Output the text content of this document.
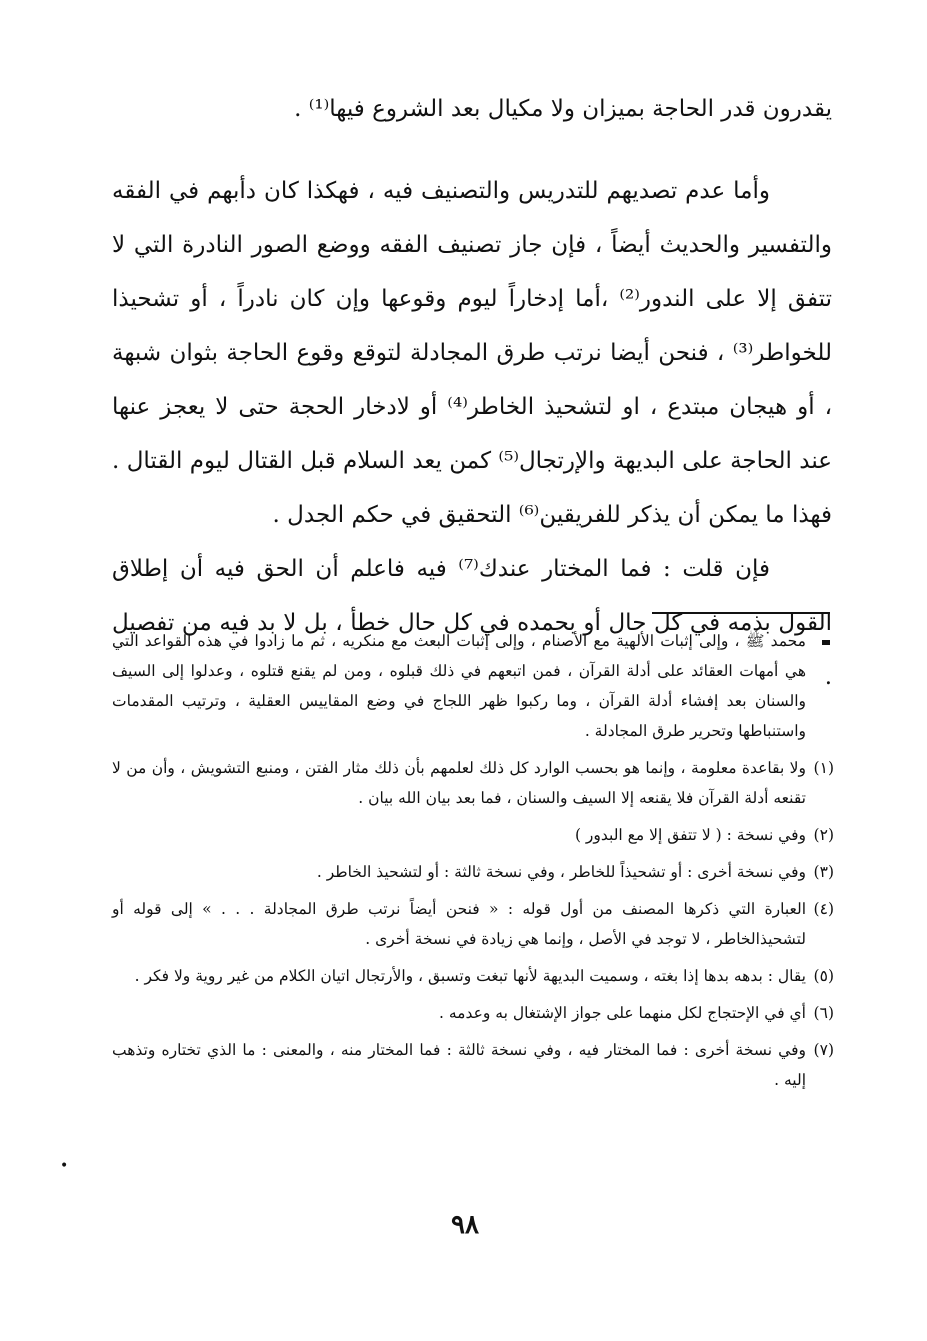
يقدرون قدر الحاجة بميزان ولا مكيال بعد الشروع فيها⁽¹⁾ .

وأما عدم تصديهم للتدريس والتصنيف فيه ، فهكذا كان دأبهم في الفقه والتفسير والحديث أيضاً ، فإن جاز تصنيف الفقه ووضع الصور النادرة التي لا تتفق إلا على الندور⁽²⁾ ،أما إدخاراً ليوم وقوعها وإن كان نادراً ، أو تشحيذا للخواطر⁽³⁾ ، فنحن أيضا نرتب طرق المجادلة لتوقع وقوع الحاجة بثوان شبهة ، أو هيجان مبتدع ، او لتشحيذ الخاطر⁽⁴⁾ أو لادخار الحجة حتى لا يعجز عنها عند الحاجة على البديهة والإرتجال⁽⁵⁾ كمن يعد السلام قبل القتال ليوم القتال . فهذا ما يمكن أن يذكر للفريقين⁽⁶⁾ التحقيق في حكم الجدل .

فإن قلت : فما المختار عندك⁽⁷⁾ فيه فاعلم أن الحق فيه أن إطلاق القول بذمه في كل حال أو بحمده في كل حال خطأ ، بل لا بد فيه من تفصيل .

محمد ﷺ ، وإلى إثبات الألهية مع الأصنام ، وإلى إثبات البعث مع منكريه ، ثم ما زادوا في هذه القواعد التي هي أمهات العقائد على أدلة القرآن ، فمن اتبعهم في ذلك قبلوه ، ومن لم يقنع قتلوه ، وعدلوا إلى السيف والسنان بعد إفشاء أدلة القرآن ، وما ركبوا ظهر اللجاج في وضع المقاييس العقلية ، وترتيب المقدمات واستنباطها وتحرير طرق المجادلة .
(١)
ولا بقاعدة معلومة ، وإنما هو بحسب الوارد كل ذلك لعلمهم بأن ذلك مثار الفتن ، ومنبع التشويش ، وأن من لا تقنعه أدلة القرآن فلا يقنعه إلا السيف والسنان ، فما بعد بيان الله بيان .
(٢)
وفي نسخة : ( لا تتفق إلا مع البدور )
(٣)
وفي نسخة أخرى : أو تشحيذاً للخاطر ، وفي نسخة ثالثة : أو لتشحيذ الخاطر .
(٤)
العبارة التي ذكرها المصنف من أول قوله : « فنحن أيضاً نرتب طرق المجادلة . . . » إلى قوله أو لتشحيذالخاطر ، لا توجد في الأصل ، وإنما هي زيادة في نسخة أخرى .
(٥)
يقال : بدهه بدها إذا بغته ، وسميت البديهة لأنها تبغت وتسبق ، والأرتجال اتيان الكلام من غير روية ولا فكر .
(٦)
أي في الإحتجاج لكل منهما على جواز الإشتغال به وعدمه .
(٧)
وفي نسخة أخرى : فما المختار فيه ، وفي نسخة ثالثة : فما المختار منه ، والمعنى : ما الذي تختاره وتذهب إليه .
•
٩٨
